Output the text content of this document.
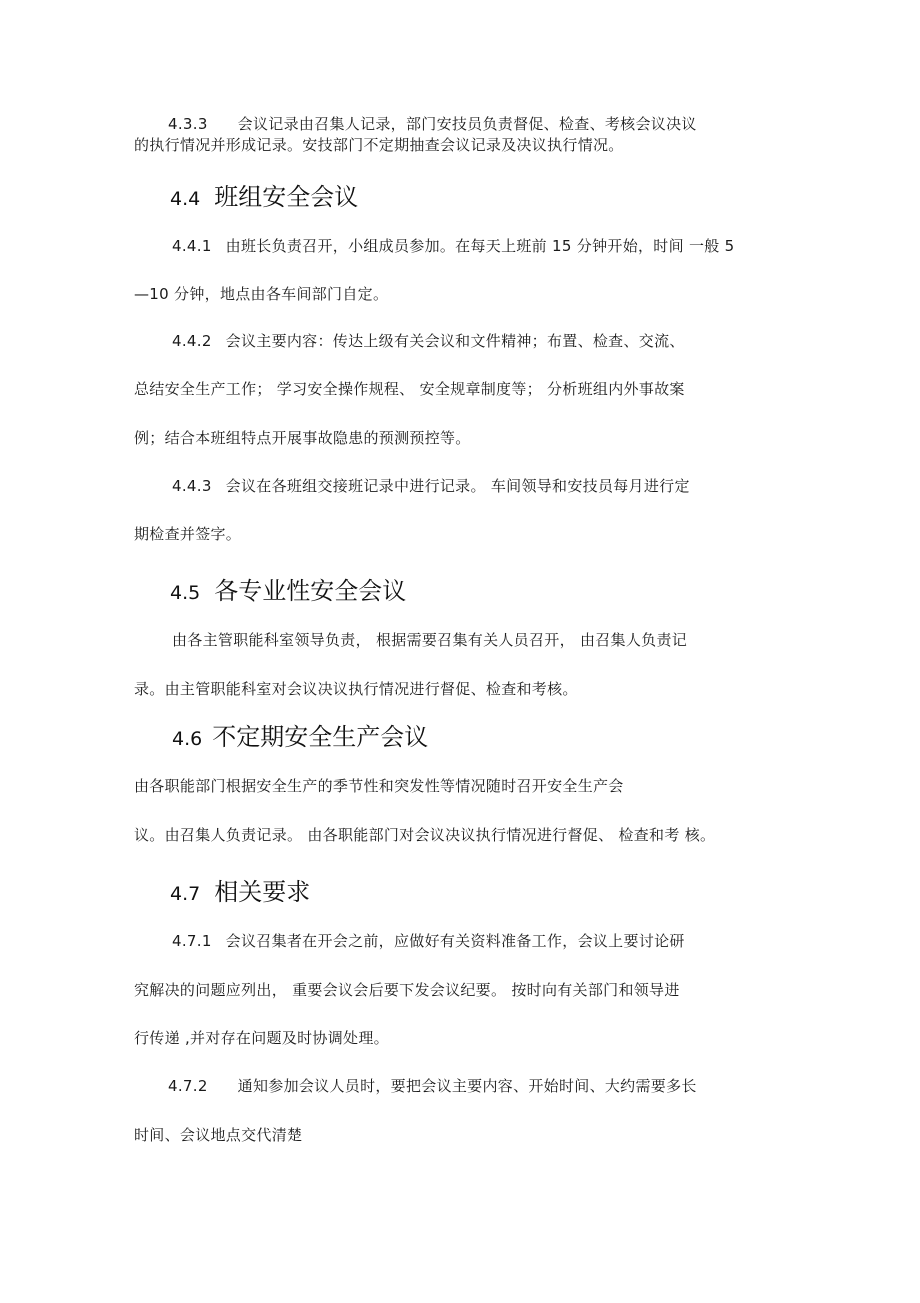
4.3.3 会议记录由召集人记录，部门安技员负责督促、检查、考核会议决议
的执行情况并形成记录。安技部门不定期抽查会议记录及决议执行情况。
4.4 班组安全会议
4.4.1 由班长负责召开，小组成员参加。在每天上班前 15 分钟开始，时间 一般 5
—10 分钟，地点由各车间部门自定。
4.4.2 会议主要内容：传达上级有关会议和文件精神；布置、检查、交流、
总结安全生产工作； 学习安全操作规程、 安全规章制度等； 分析班组内外事故案
例；结合本班组特点开展事故隐患的预测预控等。
4.4.3 会议在各班组交接班记录中进行记录。 车间领导和安技员每月进行定
期检查并签字。
4.5 各专业性安全会议
由各主管职能科室领导负责， 根据需要召集有关人员召开， 由召集人负责记
录。由主管职能科室对会议决议执行情况进行督促、检查和考核。
4.6 不定期安全生产会议
由各职能部门根据安全生产的季节性和突发性等情况随时召开安全生产会
议。由召集人负责记录。 由各职能部门对会议决议执行情况进行督促、 检查和考 核。
4.7 相关要求
4.7.1 会议召集者在开会之前，应做好有关资料准备工作，会议上要讨论研
究解决的问题应列出， 重要会议会后要下发会议纪要。 按时向有关部门和领导进
行传递 ,并对存在问题及时协调处理。
4.7.2 通知参加会议人员时，要把会议主要内容、开始时间、大约需要多长
时间、会议地点交代清楚
